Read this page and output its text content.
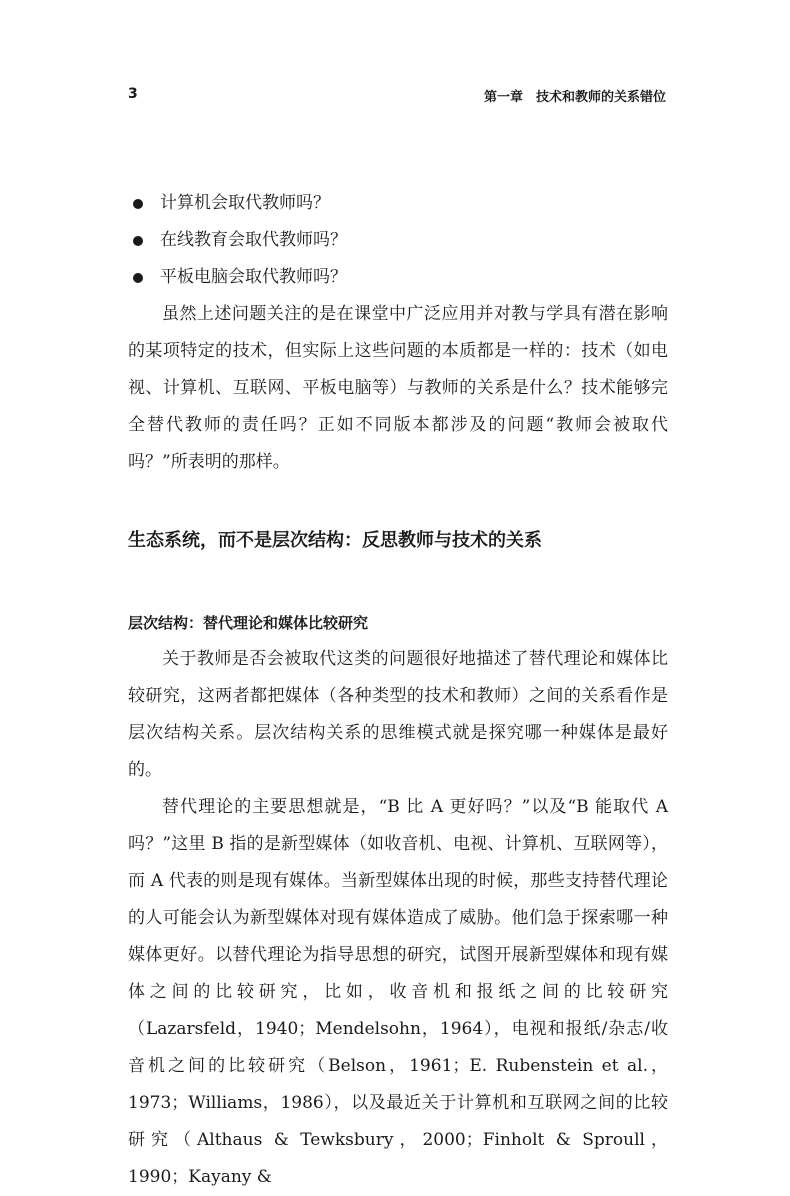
3	第一章　技术和教师的关系错位
计算机会取代教师吗？
在线教育会取代教师吗？
平板电脑会取代教师吗？

虽然上述问题关注的是在课堂中广泛应用并对教与学具有潜在影响的某项特定的技术，但实际上这些问题的本质都是一样的：技术（如电视、计算机、互联网、平板电脑等）与教师的关系是什么？技术能够完全替代教师的责任吗？正如不同版本都涉及的问题“教师会被取代吗？”所表明的那样。

生态系统，而不是层次结构：反思教师与技术的关系
层次结构：替代理论和媒体比较研究

关于教师是否会被取代这类的问题很好地描述了替代理论和媒体比较研究，这两者都把媒体（各种类型的技术和教师）之间的关系看作是层次结构关系。层次结构关系的思维模式就是探究哪一种媒体是最好的。

替代理论的主要思想就是，“B 比 A 更好吗？”以及“B 能取代 A 吗？”这里 B 指的是新型媒体（如收音机、电视、计算机、互联网等），而 A 代表的则是现有媒体。当新型媒体出现的时候，那些支持替代理论的人可能会认为新型媒体对现有媒体造成了威胁。他们急于探索哪一种媒体更好。以替代理论为指导思想的研究，试图开展新型媒体和现有媒体之间的比较研究，比如，收音机和报纸之间的比较研究（Lazarsfeld，1940；Mendelsohn，1964），电视和报纸/杂志/收音机之间的比较研究（Belson，1961；E. Rubenstein et al.，1973；Williams，1986），以及最近关于计算机和互联网之间的比较研究（Althaus & Tewksbury，2000；Finholt & Sproull，1990；Kayany &
